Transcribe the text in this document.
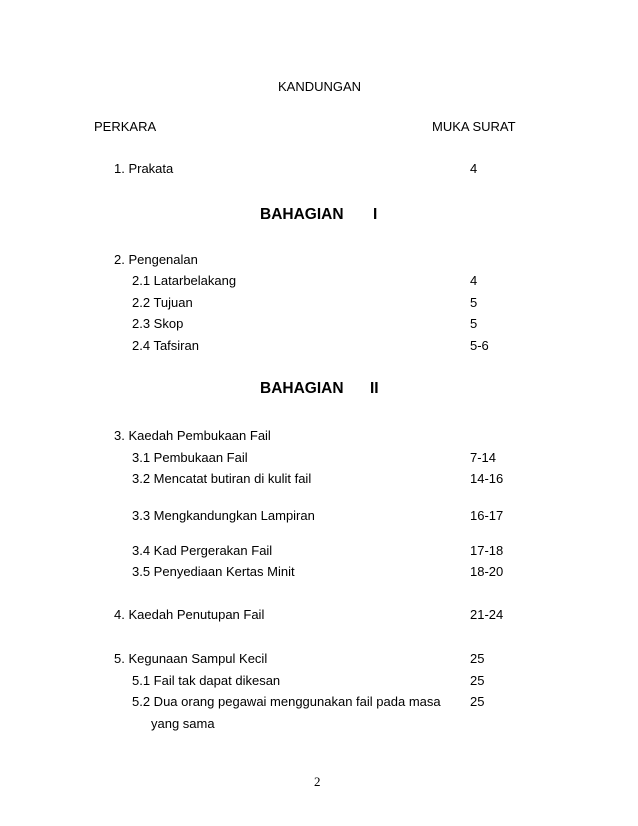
KANDUNGAN
PERKARA	MUKA SURAT
1. Prakata	4
BAHAGIAN I
2. Pengenalan
2.1 Latarbelakang	4
2.2 Tujuan	5
2.3 Skop	5
2.4 Tafsiran	5-6
BAHAGIAN II
3. Kaedah Pembukaan Fail
3.1 Pembukaan Fail	7-14
3.2 Mencatat butiran di kulit fail	14-16
3.3 Mengkandungkan Lampiran	16-17
3.4 Kad Pergerakan Fail	17-18
3.5 Penyediaan Kertas Minit	18-20
4. Kaedah Penutupan Fail	21-24
5. Kegunaan Sampul Kecil	25
5.1 Fail tak dapat dikesan	25
5.2 Dua orang pegawai menggunakan fail pada masa 25
yang sama
2
